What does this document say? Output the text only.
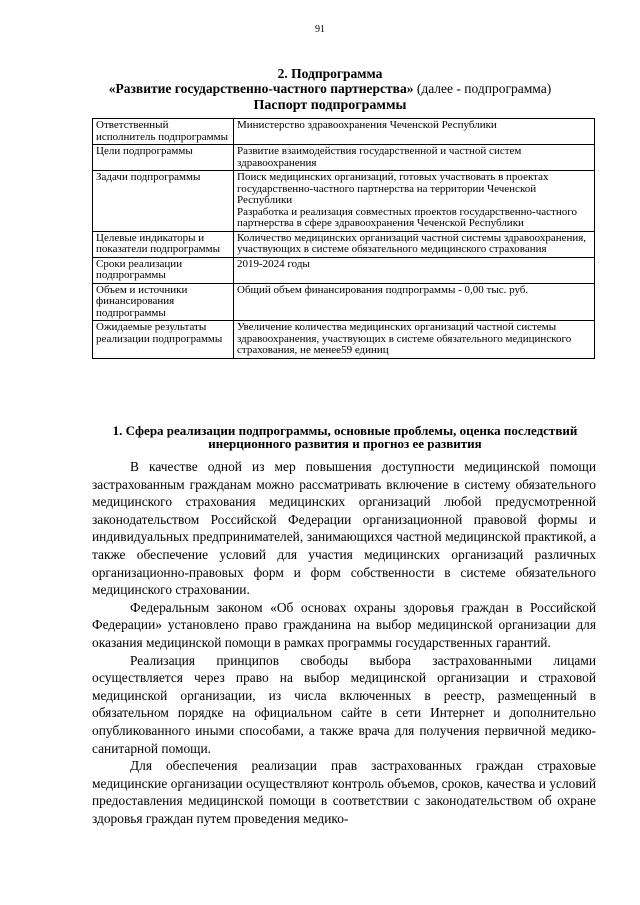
91
2. Подпрограмма
«Развитие государственно-частного партнерства» (далее - подпрограмма)
Паспорт подпрограммы
Ответственный исполнитель подпрограммы	Министерство здравоохранения Чеченской Республики

Цели подпрограммы	Развитие взаимодействия государственной и частной систем здравоохранения

Задачи подпрограммы	Поиск медицинских организаций, готовых участвовать в проектах государственно-частного партнерства на территории Чеченской Республики
Разработка и реализация совместных проектов государственно-частного партнерства в сфере здравоохранения Чеченской Республики

Целевые индикаторы и показатели подпрограммы	Количество медицинских организаций частной системы здравоохранения, участвующих в системе обязательного медицинского страхования

Сроки реализации подпрограммы	2019-2024 годы

Объем и источники финансирования подпрограммы	Общий объем финансирования подпрограммы - 0,00 тыс. руб.

Ожидаемые результаты реализации подпрограммы	Увеличение количества медицинских организаций частной системы здравоохранения, участвующих в системе обязательного медицинского страхования, не менее59 единиц
1. Сфера реализации подпрограммы, основные проблемы, оценка последствий инерционного развития и прогноз ее развития

В качестве одной из мер повышения доступности медицинской помощи застрахованным гражданам можно рассматривать включение в систему обязательного медицинского страхования медицинских организаций любой предусмотренной законодательством Российской Федерации организационной правовой формы и индивидуальных предпринимателей, занимающихся частной медицинской практикой, а также обеспечение условий для участия медицинских организаций различных организационно-правовых форм и форм собственности в системе обязательного медицинского страховании.

Федеральным законом «Об основах охраны здоровья граждан в Российской Федерации» установлено право гражданина на выбор медицинской организации для оказания медицинской помощи в рамках программы государственных гарантий.

Реализация принципов свободы выбора застрахованными лицами осуществляется через право на выбор медицинской организации и страховой медицинской организации, из числа включенных в реестр, размещенный в обязательном порядке на официальном сайте в сети Интернет и дополнительно опубликованного иными способами, а также врача для получения первичной медико-санитарной помощи.

Для обеспечения реализации прав застрахованных граждан страховые медицинские организации осуществляют контроль объемов, сроков, качества и условий предоставления медицинской помощи в соответствии с законодательством об охране здоровья граждан путем проведения медико-
